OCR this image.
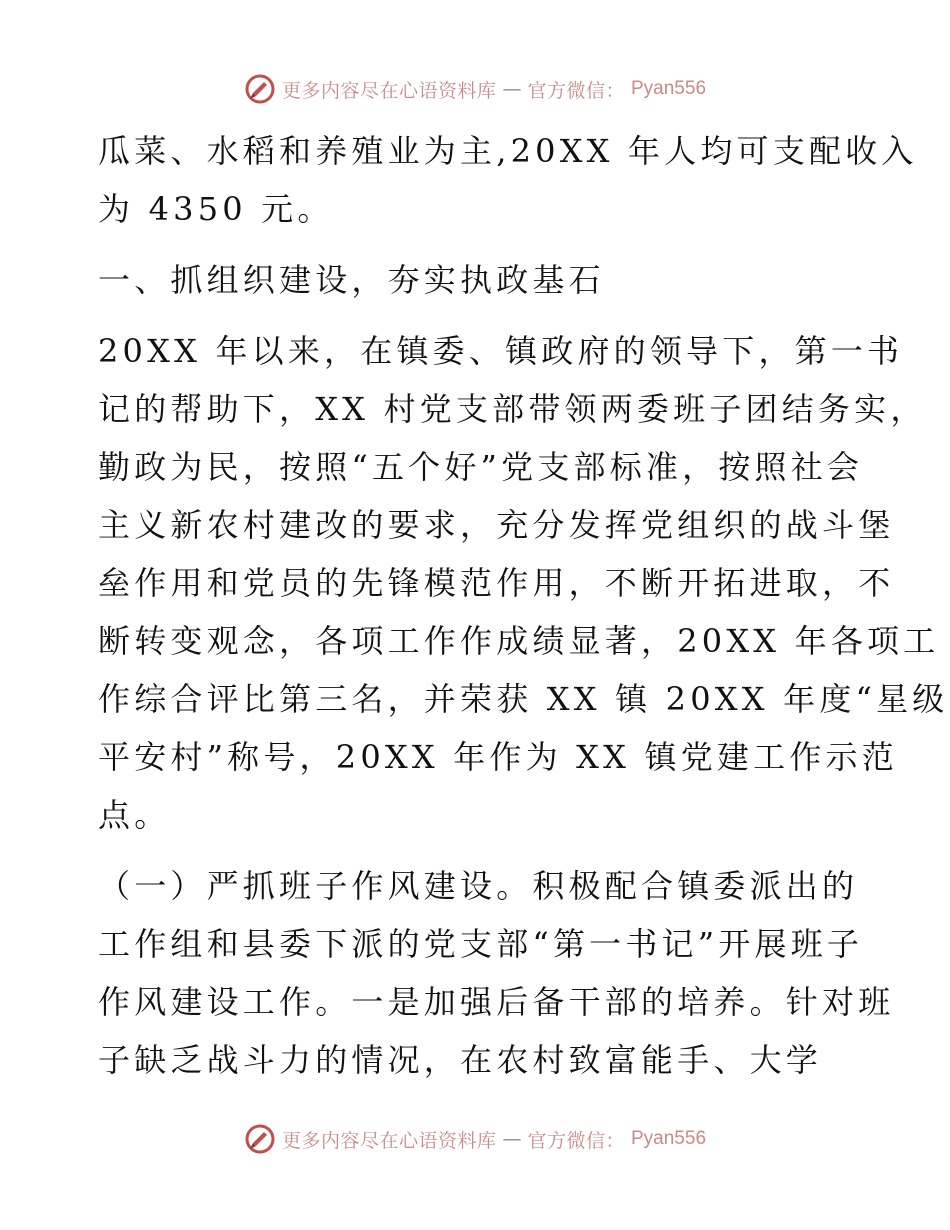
更多内容尽在心语资料库 — 官方微信： Pyan556

瓜菜、水稻和养殖业为主,20XX 年人均可支配收入
为 4350 元。

一、抓组织建设，夯实执政基石

20XX 年以来，在镇委、镇政府的领导下，第一书
记的帮助下，XX 村党支部带领两委班子团结务实，
勤政为民，按照“五个好”党支部标准，按照社会
主义新农村建改的要求，充分发挥党组织的战斗堡
垒作用和党员的先锋模范作用，不断开拓进取，不
断转变观念，各项工作作成绩显著，20XX 年各项工
作综合评比第三名，并荣获 XX 镇 20XX 年度“星级
平安村”称号，20XX 年作为 XX 镇党建工作示范
点。

（一）严抓班子作风建设。积极配合镇委派出的
工作组和县委下派的党支部“第一书记”开展班子
作风建设工作。一是加强后备干部的培养。针对班
子缺乏战斗力的情况，在农村致富能手、大学

更多内容尽在心语资料库 — 官方微信： Pyan556
